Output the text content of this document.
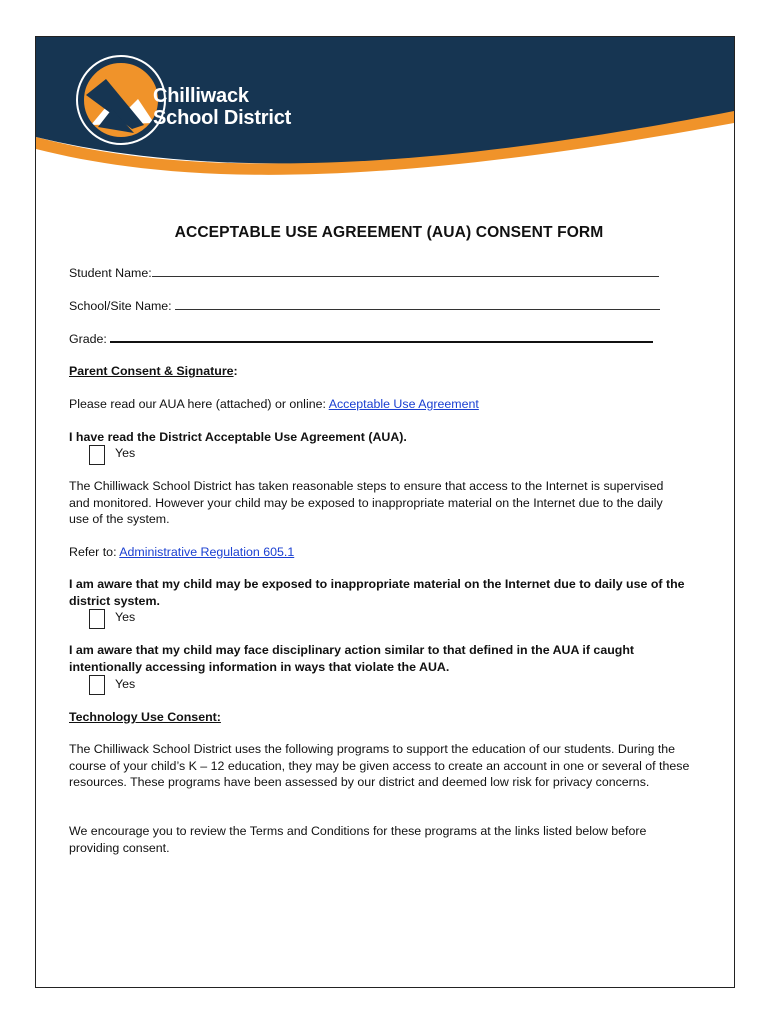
Chilliwack
School District
ACCEPTABLE USE AGREEMENT (AUA) CONSENT FORM
Student Name:
School/Site Name:
Grade:
Parent Consent & Signature:
Please read our AUA here (attached) or online: Acceptable Use Agreement
I have read the District Acceptable Use Agreement (AUA).
Yes
The Chilliwack School District has taken reasonable steps to ensure that access to the Internet is supervised and monitored. However your child may be exposed to inappropriate material on the Internet due to the daily use of the system.
Refer to: Administrative Regulation 605.1
I am aware that my child may be exposed to inappropriate material on the Internet due to daily use of the district system.
Yes
I am aware that my child may face disciplinary action similar to that defined in the AUA if caught intentionally accessing information in ways that violate the AUA.
Yes
Technology Use Consent:
The Chilliwack School District uses the following programs to support the education of our students. During the course of your child’s K – 12 education, they may be given access to create an account in one or several of these resources. These programs have been assessed by our district and deemed low risk for privacy concerns.
We encourage you to review the Terms and Conditions for these programs at the links listed below before providing consent.
